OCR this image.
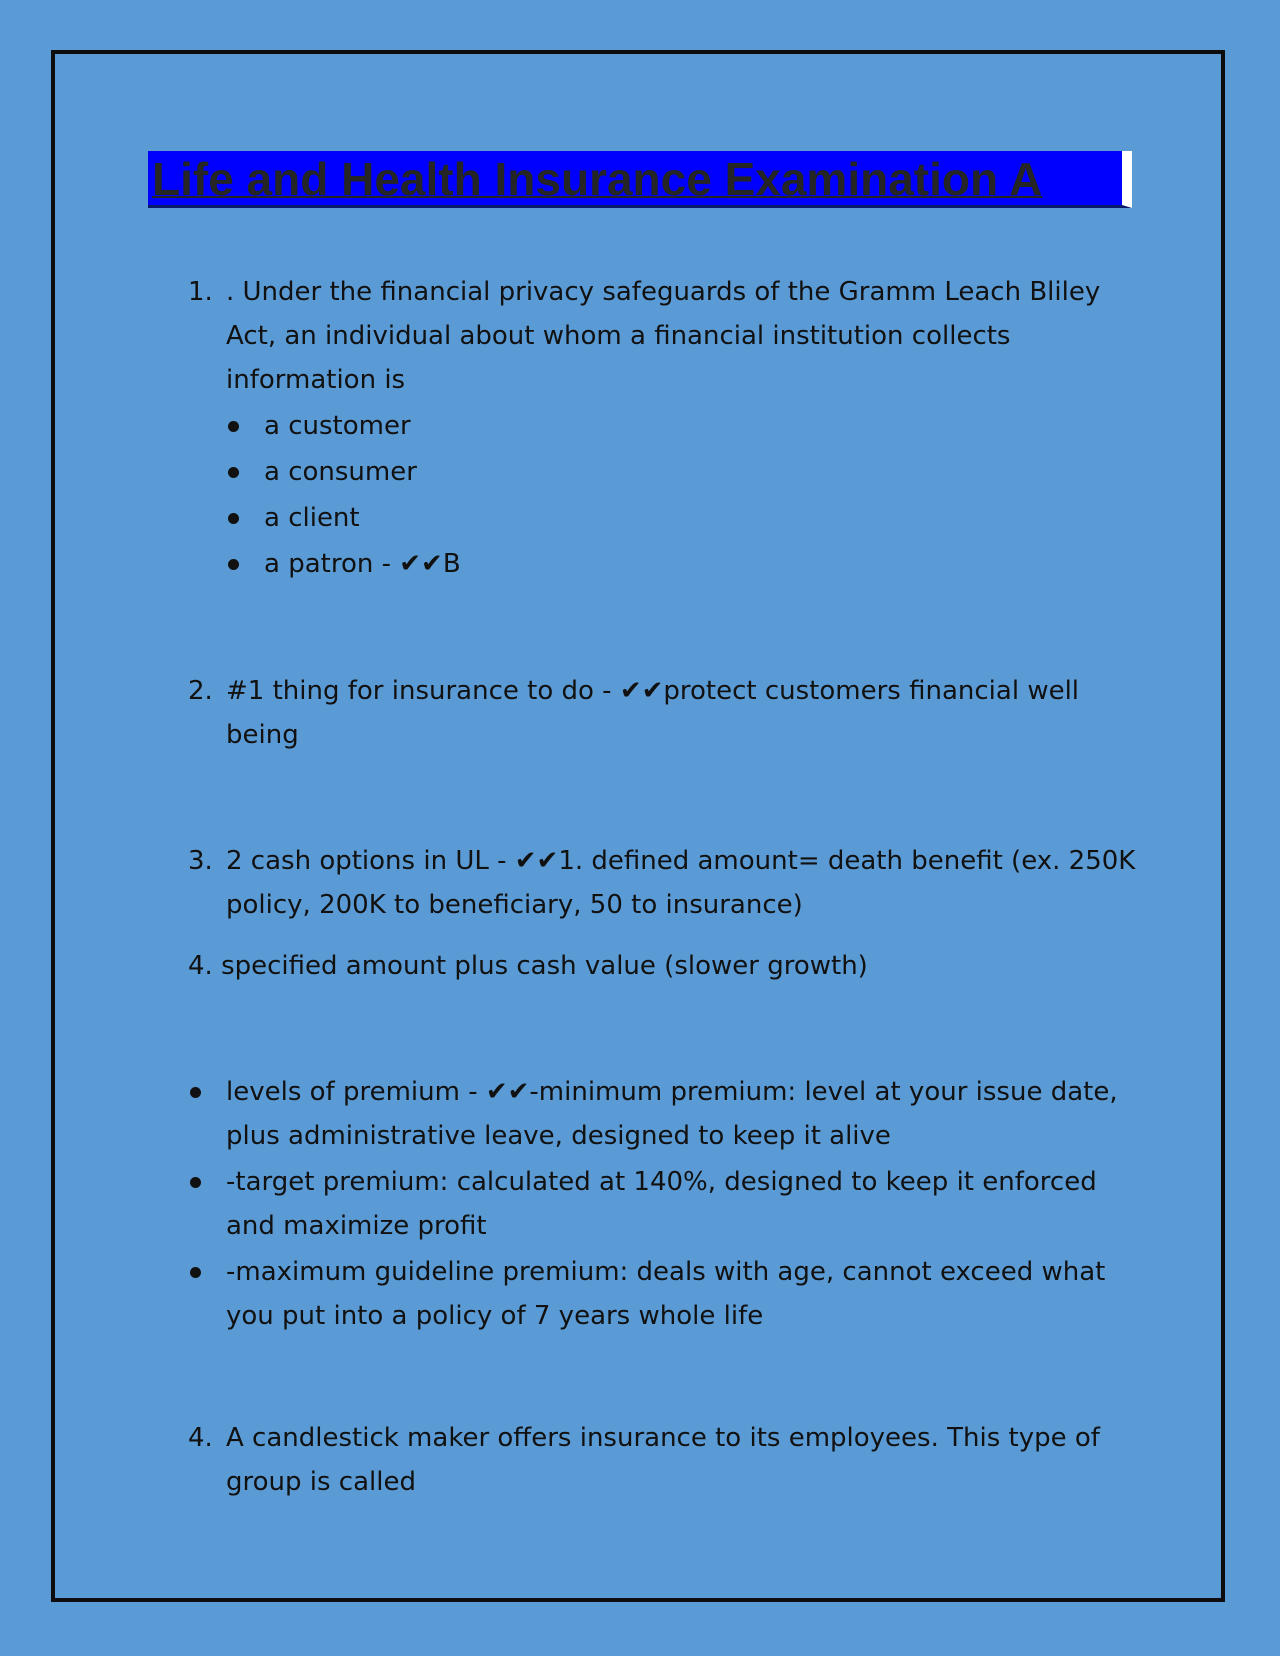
Life and Health Insurance Examination A
1. . Under the financial privacy safeguards of the Gramm Leach Bliley Act, an individual about whom a financial institution collects information is
a customer
a consumer
a client
a patron - ✔✔B
2. #1 thing for insurance to do - ✔✔protect customers financial well being
3. 2 cash options in UL - ✔✔1. defined amount= death benefit (ex. 250K policy, 200K to beneficiary, 50 to insurance)
4. specified amount plus cash value (slower growth)
levels of premium - ✔✔-minimum premium: level at your issue date, plus administrative leave, designed to keep it alive
-target premium: calculated at 140%, designed to keep it enforced and maximize profit
-maximum guideline premium: deals with age, cannot exceed what you put into a policy of 7 years whole life
4. A candlestick maker offers insurance to its employees. This type of group is called
